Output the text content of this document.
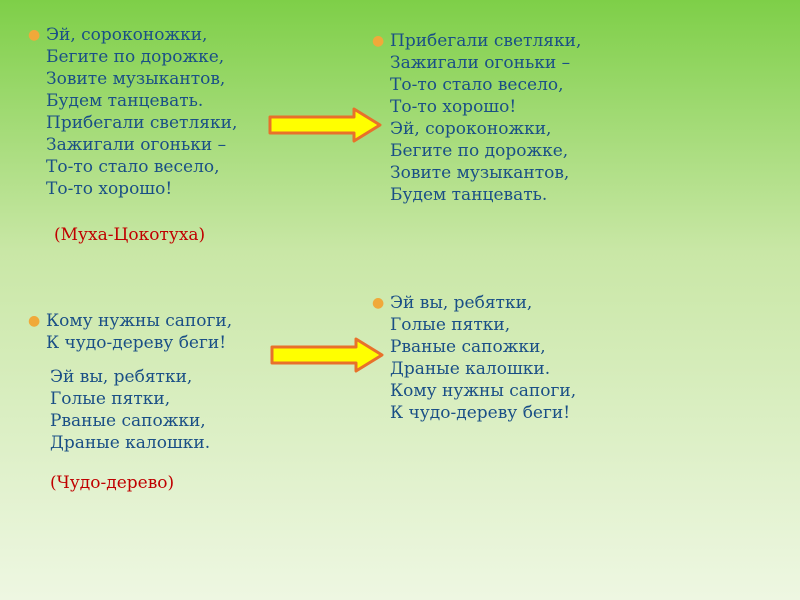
● Эй, сороконожки,
Бегите по дорожке,
Зовите музыкантов,
Будем танцевать.
Прибегали светляки,
Зажигали огоньки –
То-то стало весело,
То-то хорошо!
(Муха-Цокотуха)
● Прибегали светляки,
Зажигали огоньки –
То-то стало весело,
То-то хорошо!
Эй, сороконожки,
Бегите по дорожке,
Зовите музыкантов,
Будем танцевать.
● Кому нужны сапоги,
К чудо-дереву беги!
Эй вы, ребятки,
Голые пятки,
Рваные сапожки,
Драные калошки.
(Чудо-дерево)
● Эй вы, ребятки,
Голые пятки,
Рваные сапожки,
Драные калошки.
Кому нужны сапоги,
К чудо-дереву беги!
